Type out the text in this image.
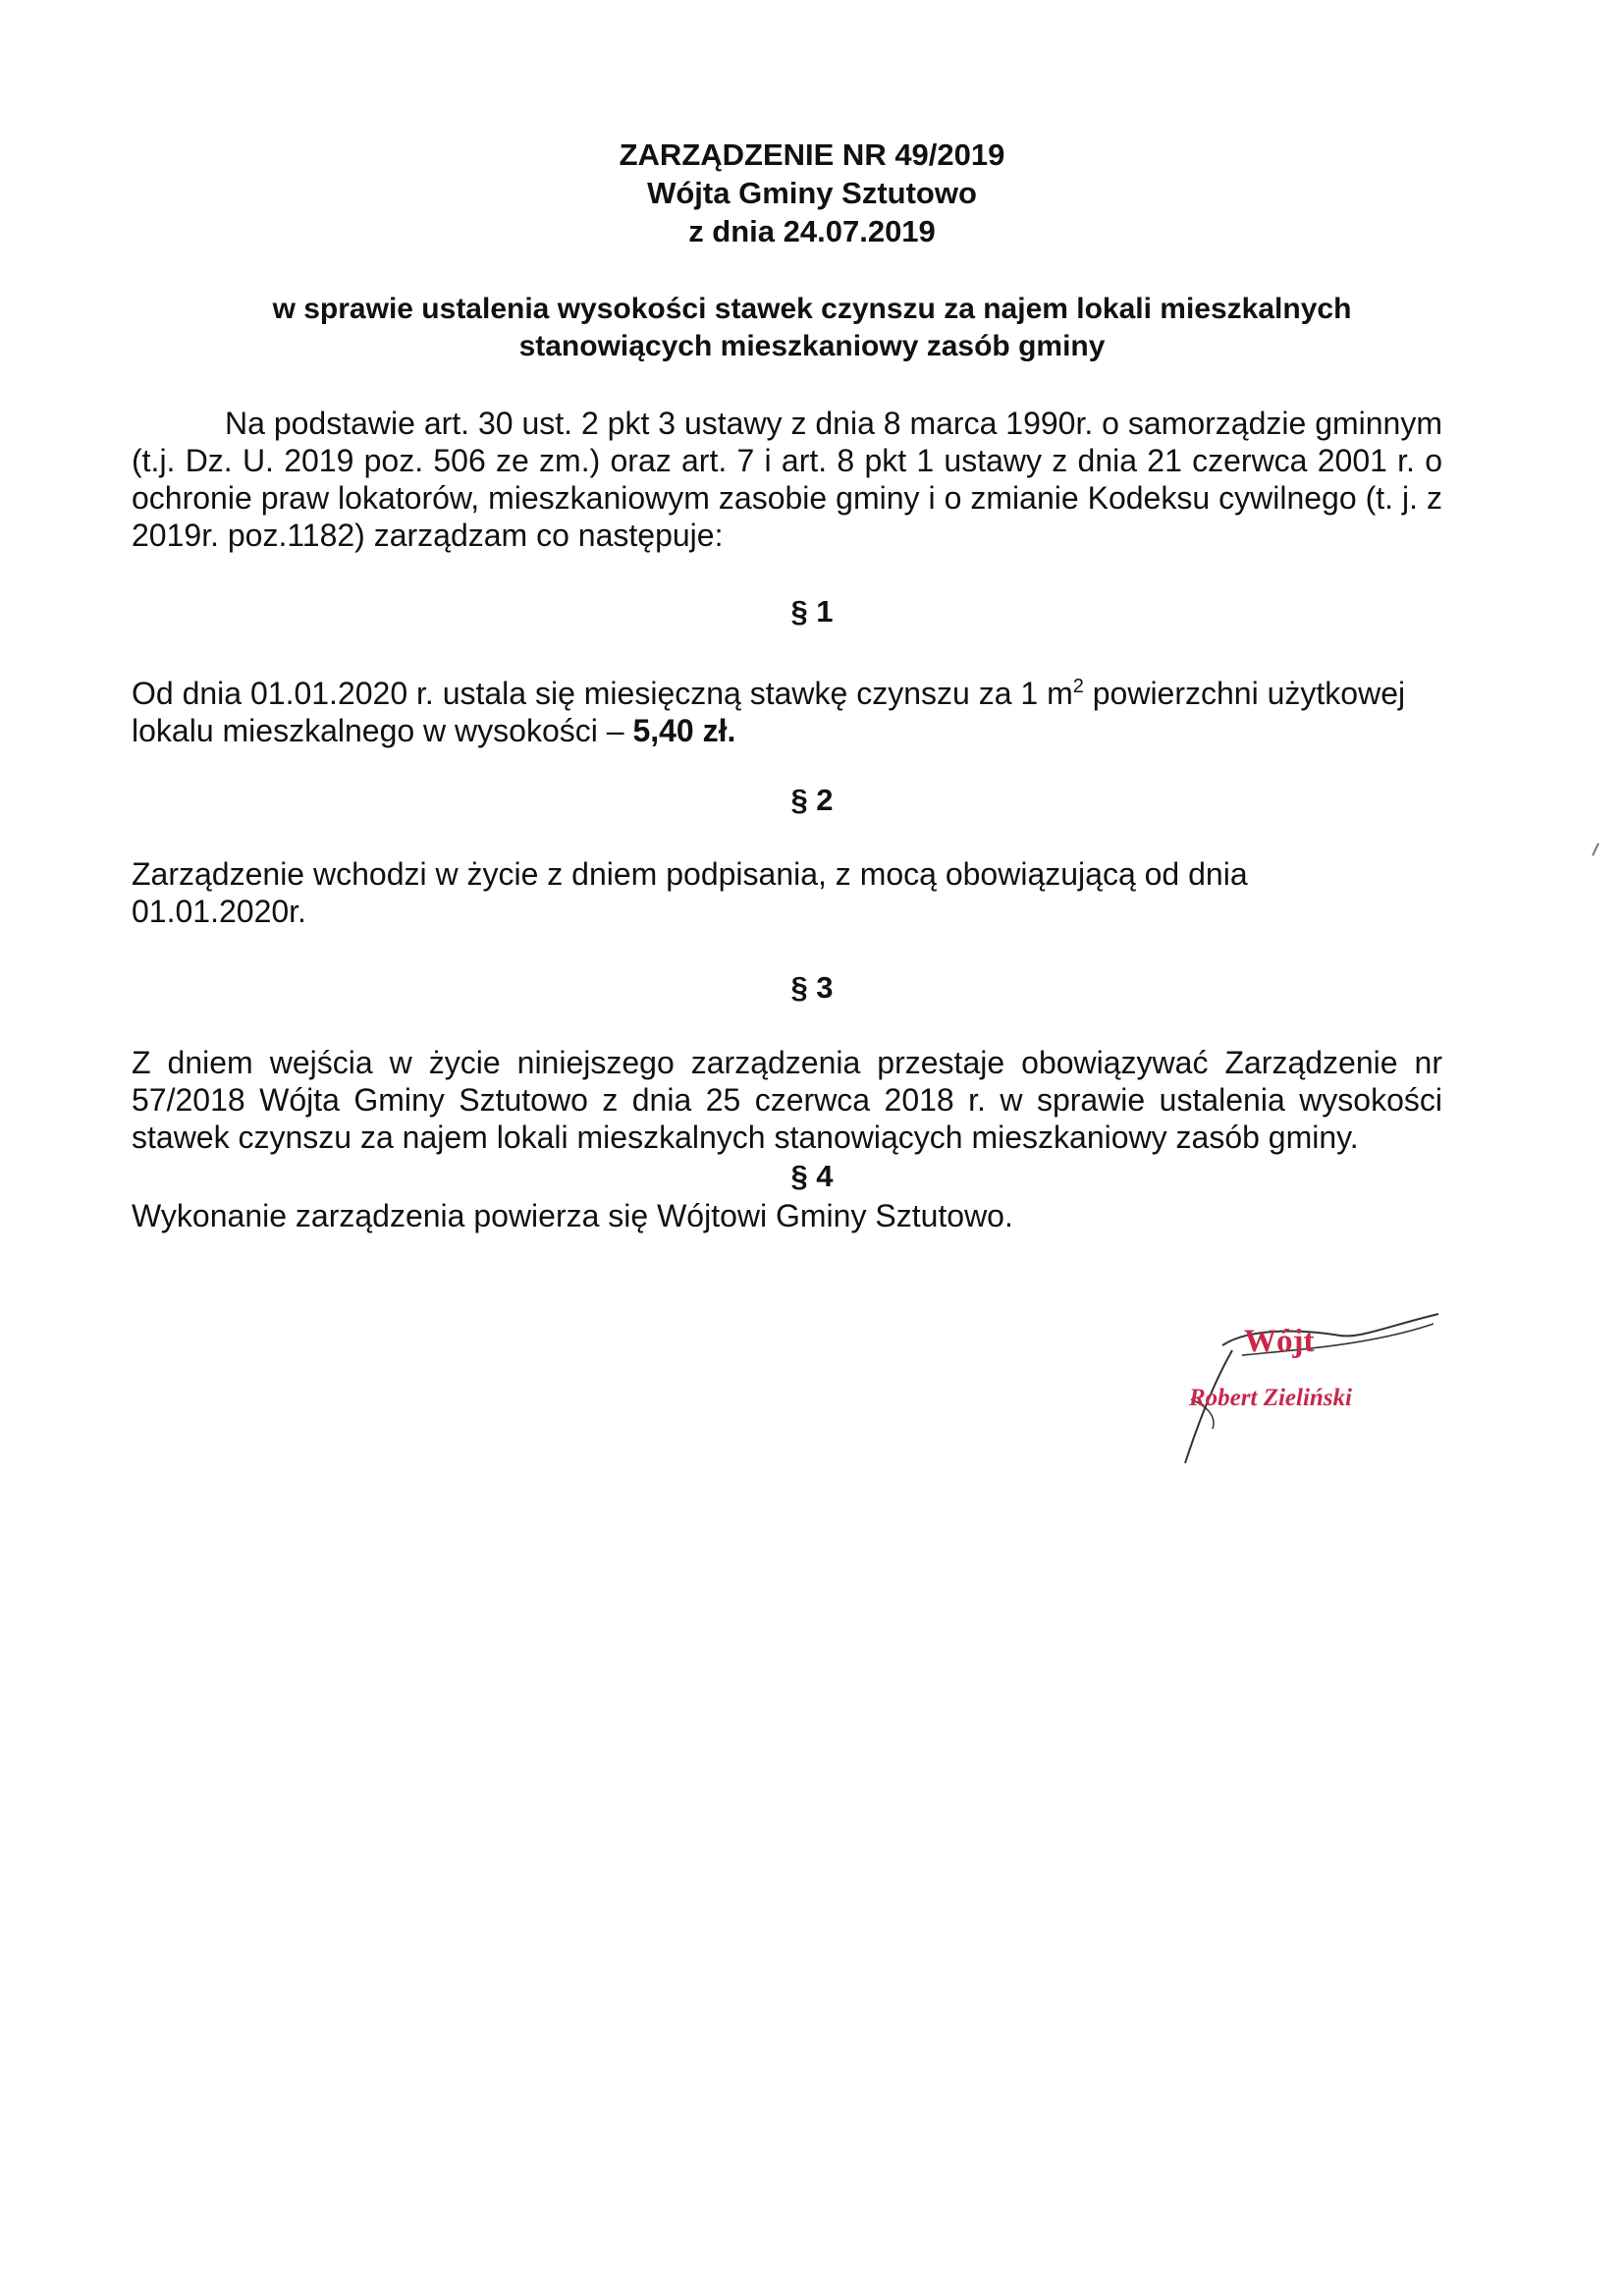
ZARZĄDZENIE NR 49/2019
Wójta Gminy Sztutowo
z dnia 24.07.2019
w sprawie ustalenia wysokości stawek czynszu za najem lokali mieszkalnych
stanowiących mieszkaniowy zasób gminy
Na podstawie art. 30 ust. 2 pkt 3 ustawy z dnia 8 marca 1990r. o samorządzie gminnym (t.j. Dz. U. 2019 poz. 506 ze zm.) oraz art. 7 i art. 8 pkt 1 ustawy z dnia 21 czerwca 2001 r. o ochronie praw lokatorów, mieszkaniowym zasobie gminy i o zmianie Kodeksu cywilnego (t. j. z 2019r. poz.1182) zarządzam co następuje:
§ 1
Od dnia 01.01.2020 r. ustala się miesięczną stawkę czynszu za 1 $m^2$ powierzchni użytkowej lokalu mieszkalnego w wysokości – 5,40 zł.
§ 2
Zarządzenie wchodzi w życie z dniem podpisania, z mocą obowiązującą od dnia 01.01.2020r.
§ 3
Z dniem wejścia w życie niniejszego zarządzenia przestaje obowiązywać Zarządzenie nr 57/2018 Wójta Gminy Sztutowo z dnia 25 czerwca 2018 r. w sprawie ustalenia wysokości stawek czynszu za najem lokali mieszkalnych stanowiących mieszkaniowy zasób gminy.
§ 4
Wykonanie zarządzenia powierza się Wójtowi Gminy Sztutowo.
Wójt
Robert Zieliński
